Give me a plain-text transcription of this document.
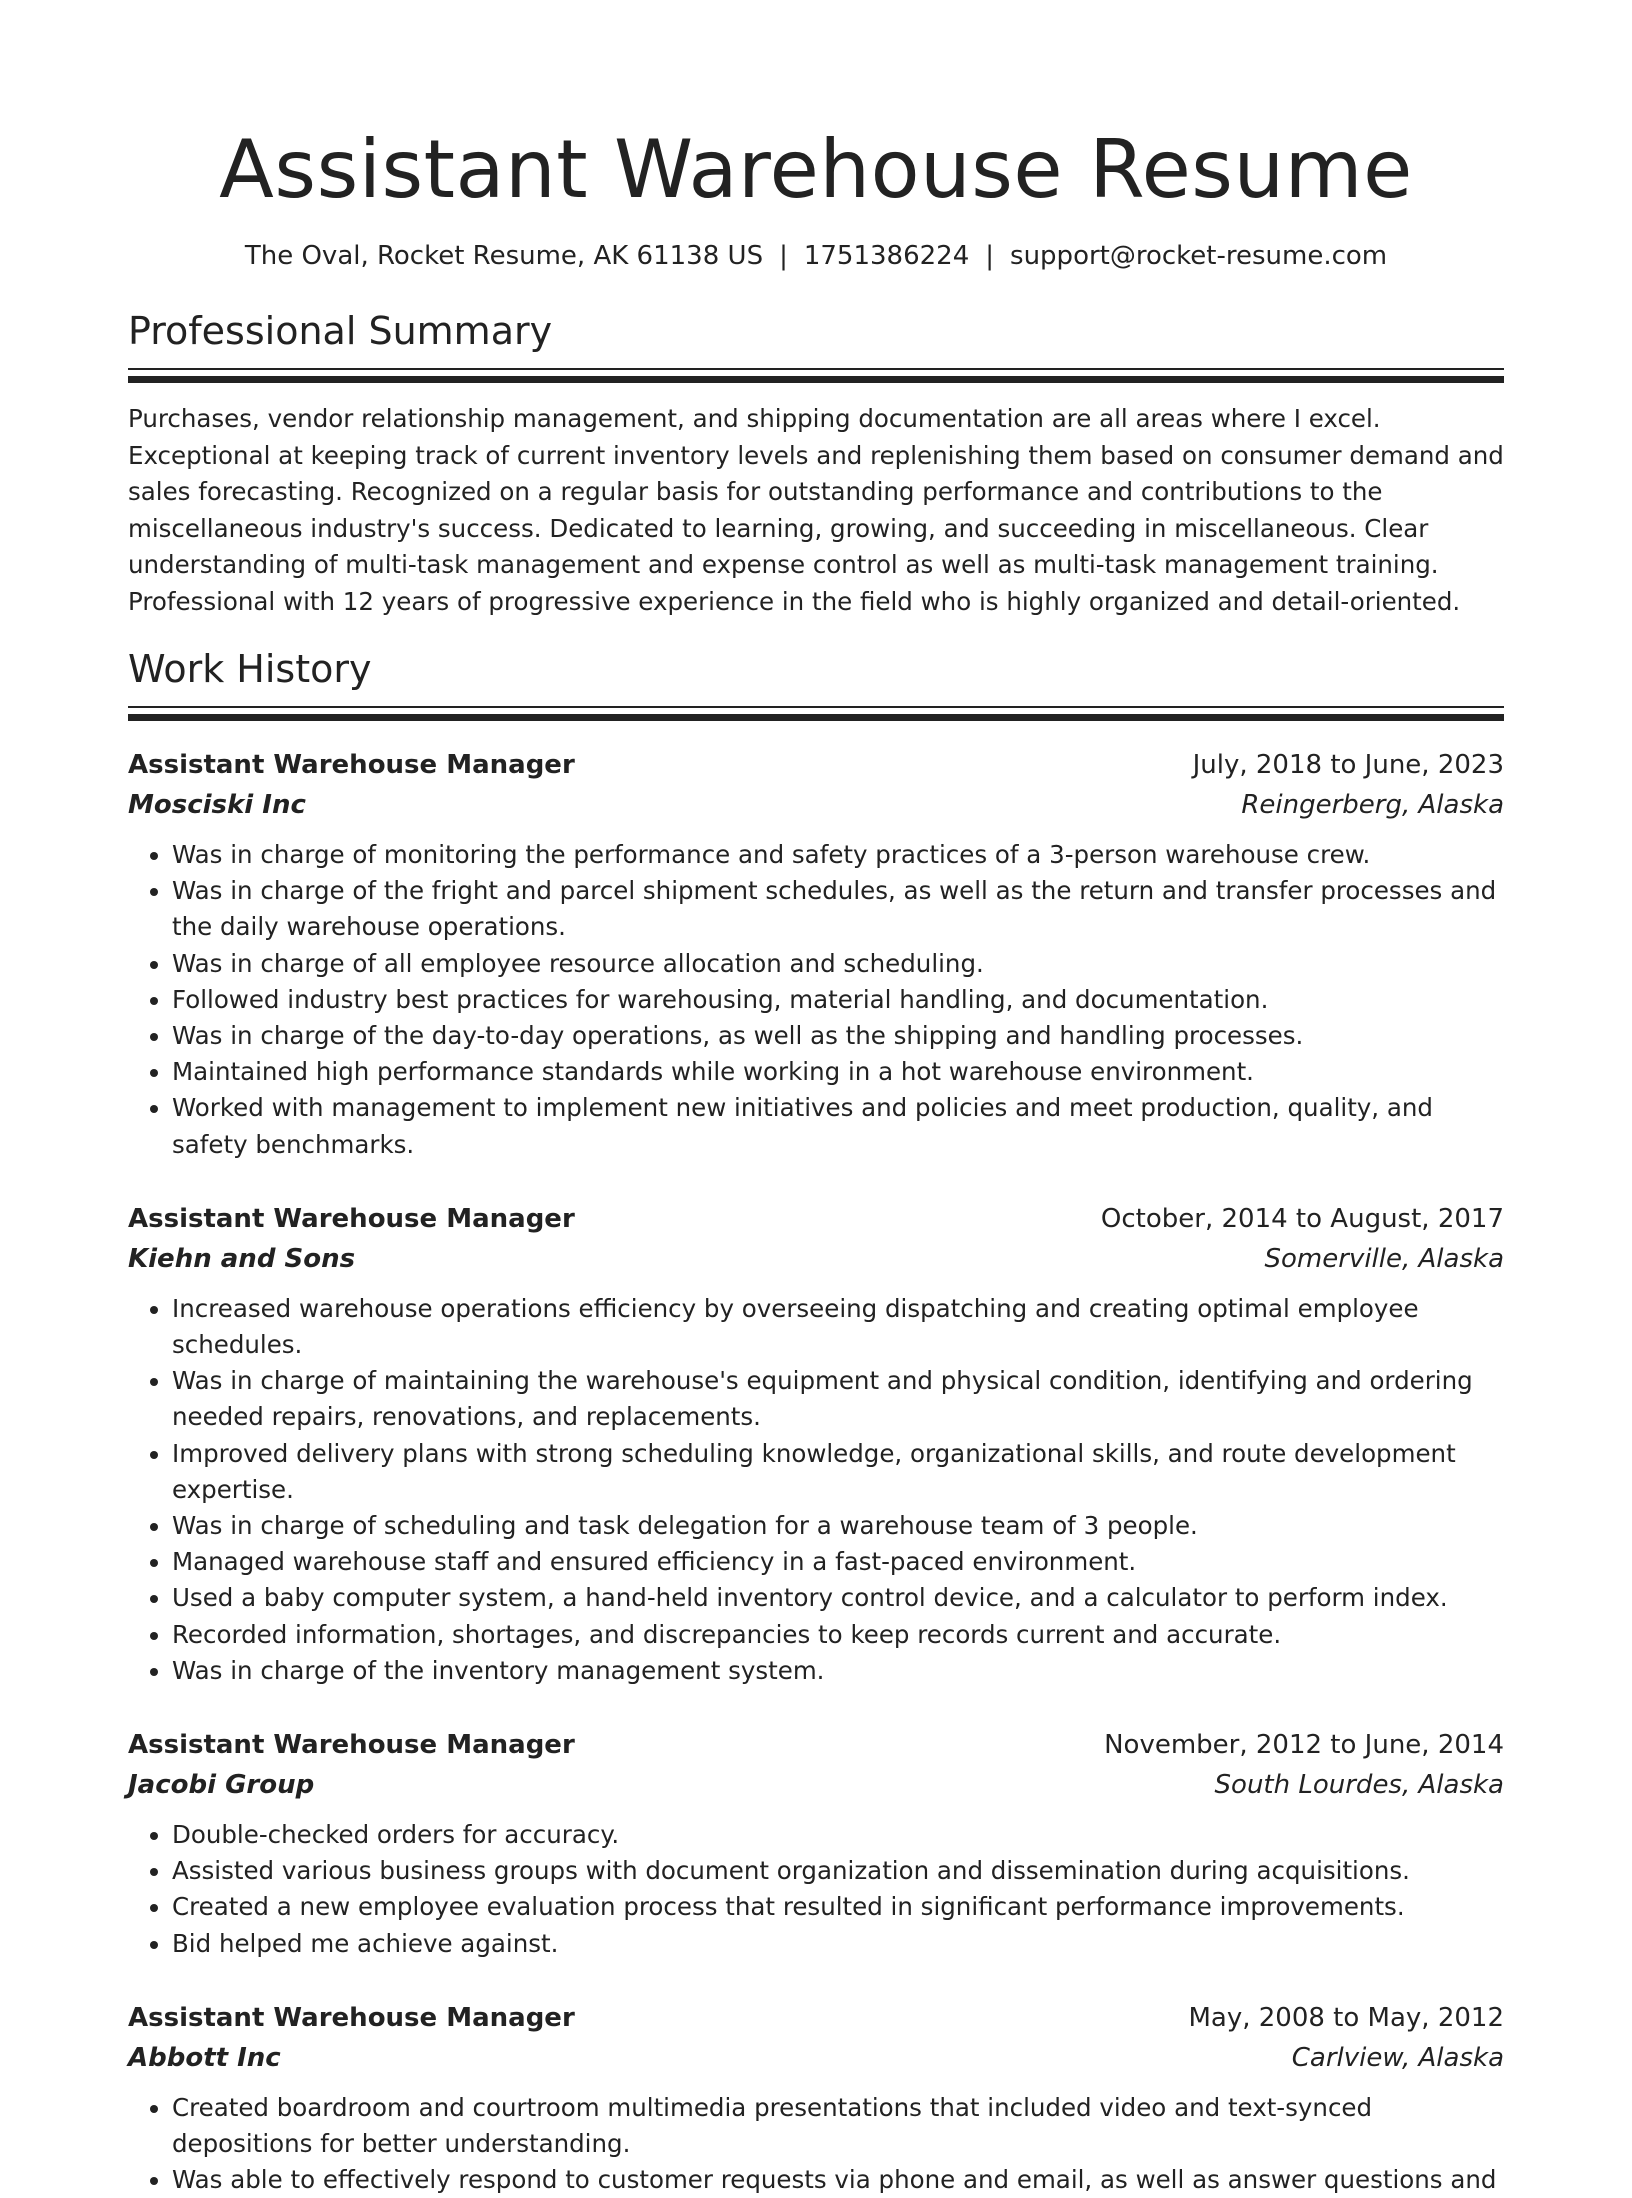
Assistant Warehouse Resume
The Oval, Rocket Resume, AK 61138 US | 1751386224 | support@rocket-resume.com
Professional Summary
Purchases, vendor relationship management, and shipping documentation are all areas where I excel. Exceptional at keeping track of current inventory levels and replenishing them based on consumer demand and sales forecasting. Recognized on a regular basis for outstanding performance and contributions to the miscellaneous industry's success. Dedicated to learning, growing, and succeeding in miscellaneous. Clear understanding of multi-task management and expense control as well as multi-task management training. Professional with 12 years of progressive experience in the field who is highly organized and detail-oriented.
Work History
Assistant Warehouse Manager	July, 2018 to June, 2023
Mosciski Inc	Reingerberg, Alaska
• Was in charge of monitoring the performance and safety practices of a 3-person warehouse crew.
• Was in charge of the fright and parcel shipment schedules, as well as the return and transfer processes and the daily warehouse operations.
• Was in charge of all employee resource allocation and scheduling.
• Followed industry best practices for warehousing, material handling, and documentation.
• Was in charge of the day-to-day operations, as well as the shipping and handling processes.
• Maintained high performance standards while working in a hot warehouse environment.
• Worked with management to implement new initiatives and policies and meet production, quality, and safety benchmarks.
Assistant Warehouse Manager	October, 2014 to August, 2017
Kiehn and Sons	Somerville, Alaska
• Increased warehouse operations efficiency by overseeing dispatching and creating optimal employee schedules.
• Was in charge of maintaining the warehouse's equipment and physical condition, identifying and ordering needed repairs, renovations, and replacements.
• Improved delivery plans with strong scheduling knowledge, organizational skills, and route development expertise.
• Was in charge of scheduling and task delegation for a warehouse team of 3 people.
• Managed warehouse staff and ensured efficiency in a fast-paced environment.
• Used a baby computer system, a hand-held inventory control device, and a calculator to perform index.
• Recorded information, shortages, and discrepancies to keep records current and accurate.
• Was in charge of the inventory management system.
Assistant Warehouse Manager	November, 2012 to June, 2014
Jacobi Group	South Lourdes, Alaska
• Double-checked orders for accuracy.
• Assisted various business groups with document organization and dissemination during acquisitions.
• Created a new employee evaluation process that resulted in significant performance improvements.
• Bid helped me achieve against.
Assistant Warehouse Manager	May, 2008 to May, 2012
Abbott Inc	Carlview, Alaska
• Created boardroom and courtroom multimedia presentations that included video and text-synced depositions for better understanding.
• Was able to effectively respond to customer requests via phone and email, as well as answer questions and
